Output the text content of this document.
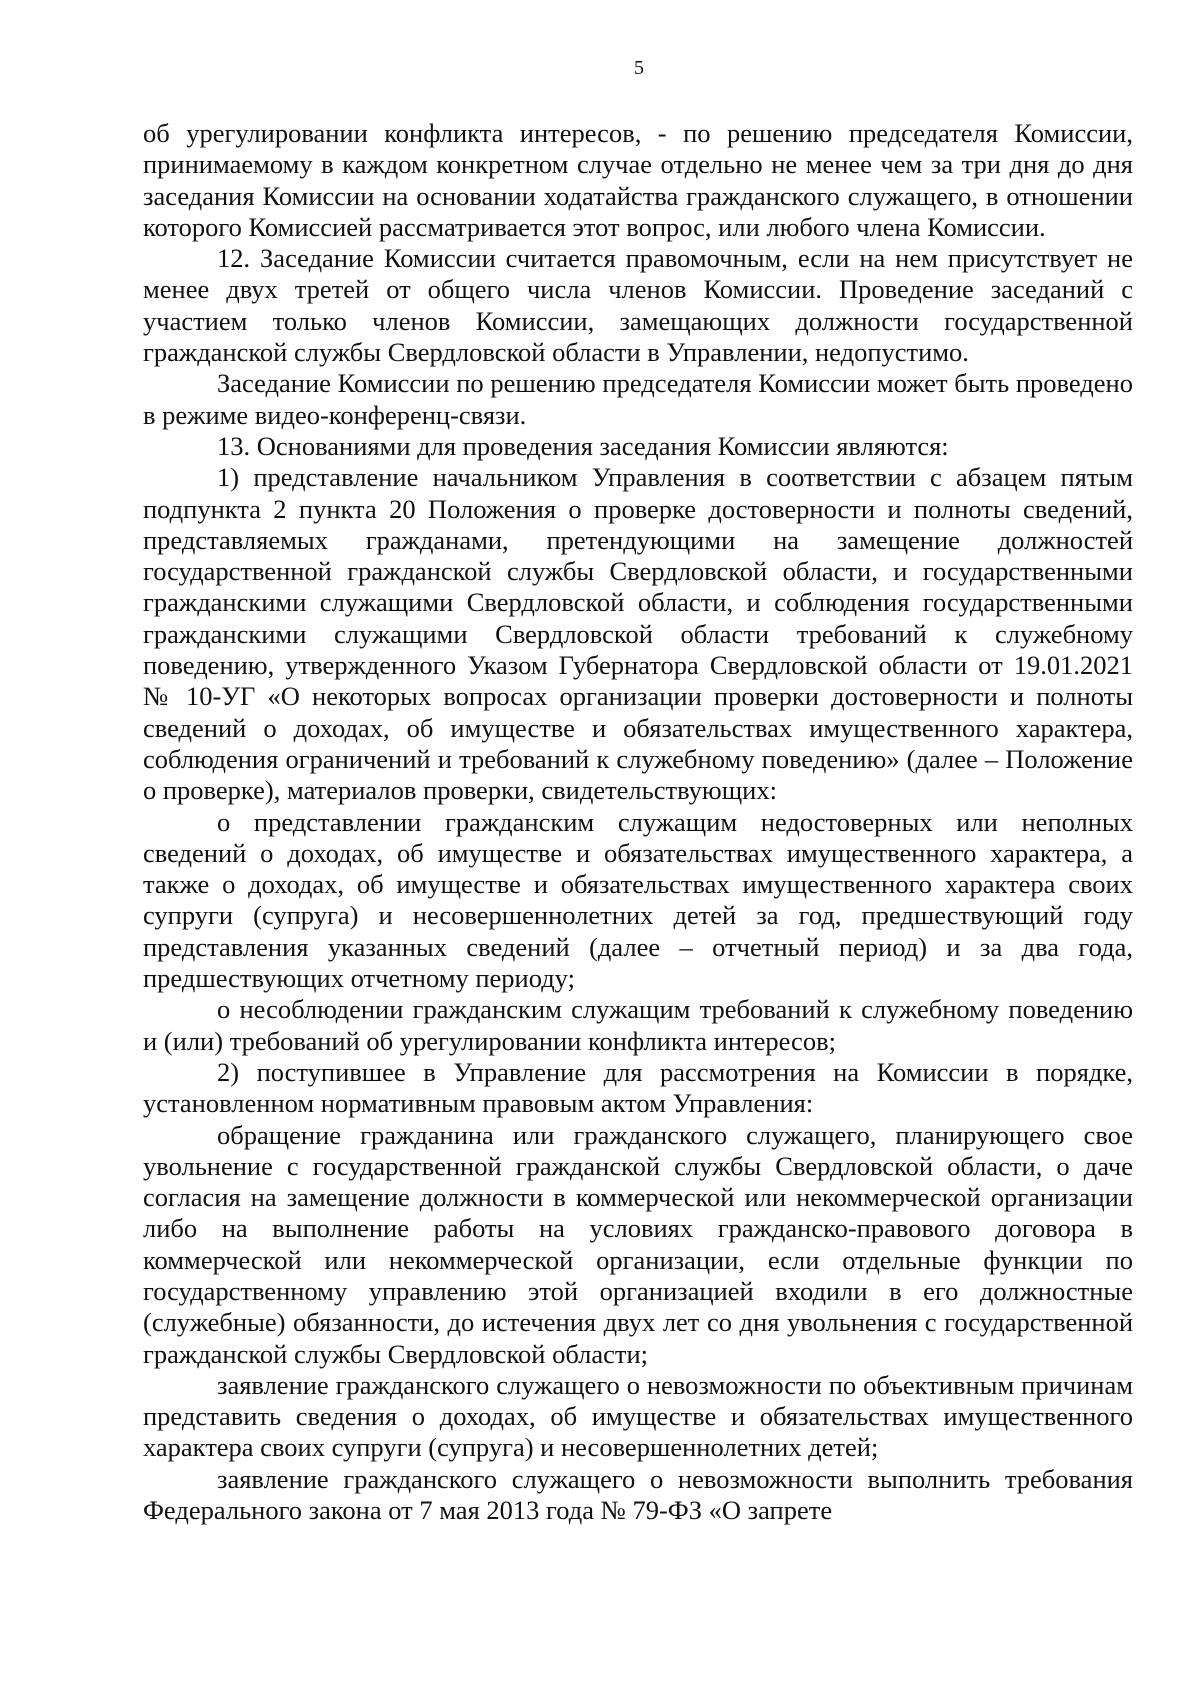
5

об урегулировании конфликта интересов, - по решению председателя Комиссии, принимаемому в каждом конкретном случае отдельно не менее чем за три дня до дня заседания Комиссии на основании ходатайства гражданского служащего, в отношении которого Комиссией рассматривается этот вопрос, или любого члена Комиссии.

12. Заседание Комиссии считается правомочным, если на нем присутствует не менее двух третей от общего числа членов Комиссии. Проведение заседаний с участием только членов Комиссии, замещающих должности государственной гражданской службы Свердловской области в Управлении, недопустимо.

Заседание Комиссии по решению председателя Комиссии может быть проведено в режиме видео-конференц-связи.

13. Основаниями для проведения заседания Комиссии являются:

1) представление начальником Управления в соответствии с абзацем пятым подпункта 2 пункта 20 Положения о проверке достоверности и полноты сведений, представляемых гражданами, претендующими на замещение должностей государственной гражданской службы Свердловской области, и государственными гражданскими служащими Свердловской области, и соблюдения государственными гражданскими служащими Свердловской области требований к служебному поведению, утвержденного Указом Губернатора Свердловской области от 19.01.2021 № 10-УГ «О некоторых вопросах организации проверки достоверности и полноты сведений о доходах, об имуществе и обязательствах имущественного характера, соблюдения ограничений и требований к служебному поведению» (далее – Положение о проверке), материалов проверки, свидетельствующих:

о представлении гражданским служащим недостоверных или неполных сведений о доходах, об имуществе и обязательствах имущественного характера, а также о доходах, об имуществе и обязательствах имущественного характера своих супруги (супруга) и несовершеннолетних детей за год, предшествующий году представления указанных сведений (далее – отчетный период) и за два года, предшествующих отчетному периоду;

о несоблюдении гражданским служащим требований к служебному поведению и (или) требований об урегулировании конфликта интересов;

2) поступившее в Управление для рассмотрения на Комиссии в порядке, установленном нормативным правовым актом Управления:

обращение гражданина или гражданского служащего, планирующего свое увольнение с государственной гражданской службы Свердловской области, о даче согласия на замещение должности в коммерческой или некоммерческой организации либо на выполнение работы на условиях гражданско-правового договора в коммерческой или некоммерческой организации, если отдельные функции по государственному управлению этой организацией входили в его должностные (служебные) обязанности, до истечения двух лет со дня увольнения с государственной гражданской службы Свердловской области;

заявление гражданского служащего о невозможности по объективным причинам представить сведения о доходах, об имуществе и обязательствах имущественного характера своих супруги (супруга) и несовершеннолетних детей;

заявление гражданского служащего о невозможности выполнить требования Федерального закона от 7 мая 2013 года № 79-ФЗ «О запрете
